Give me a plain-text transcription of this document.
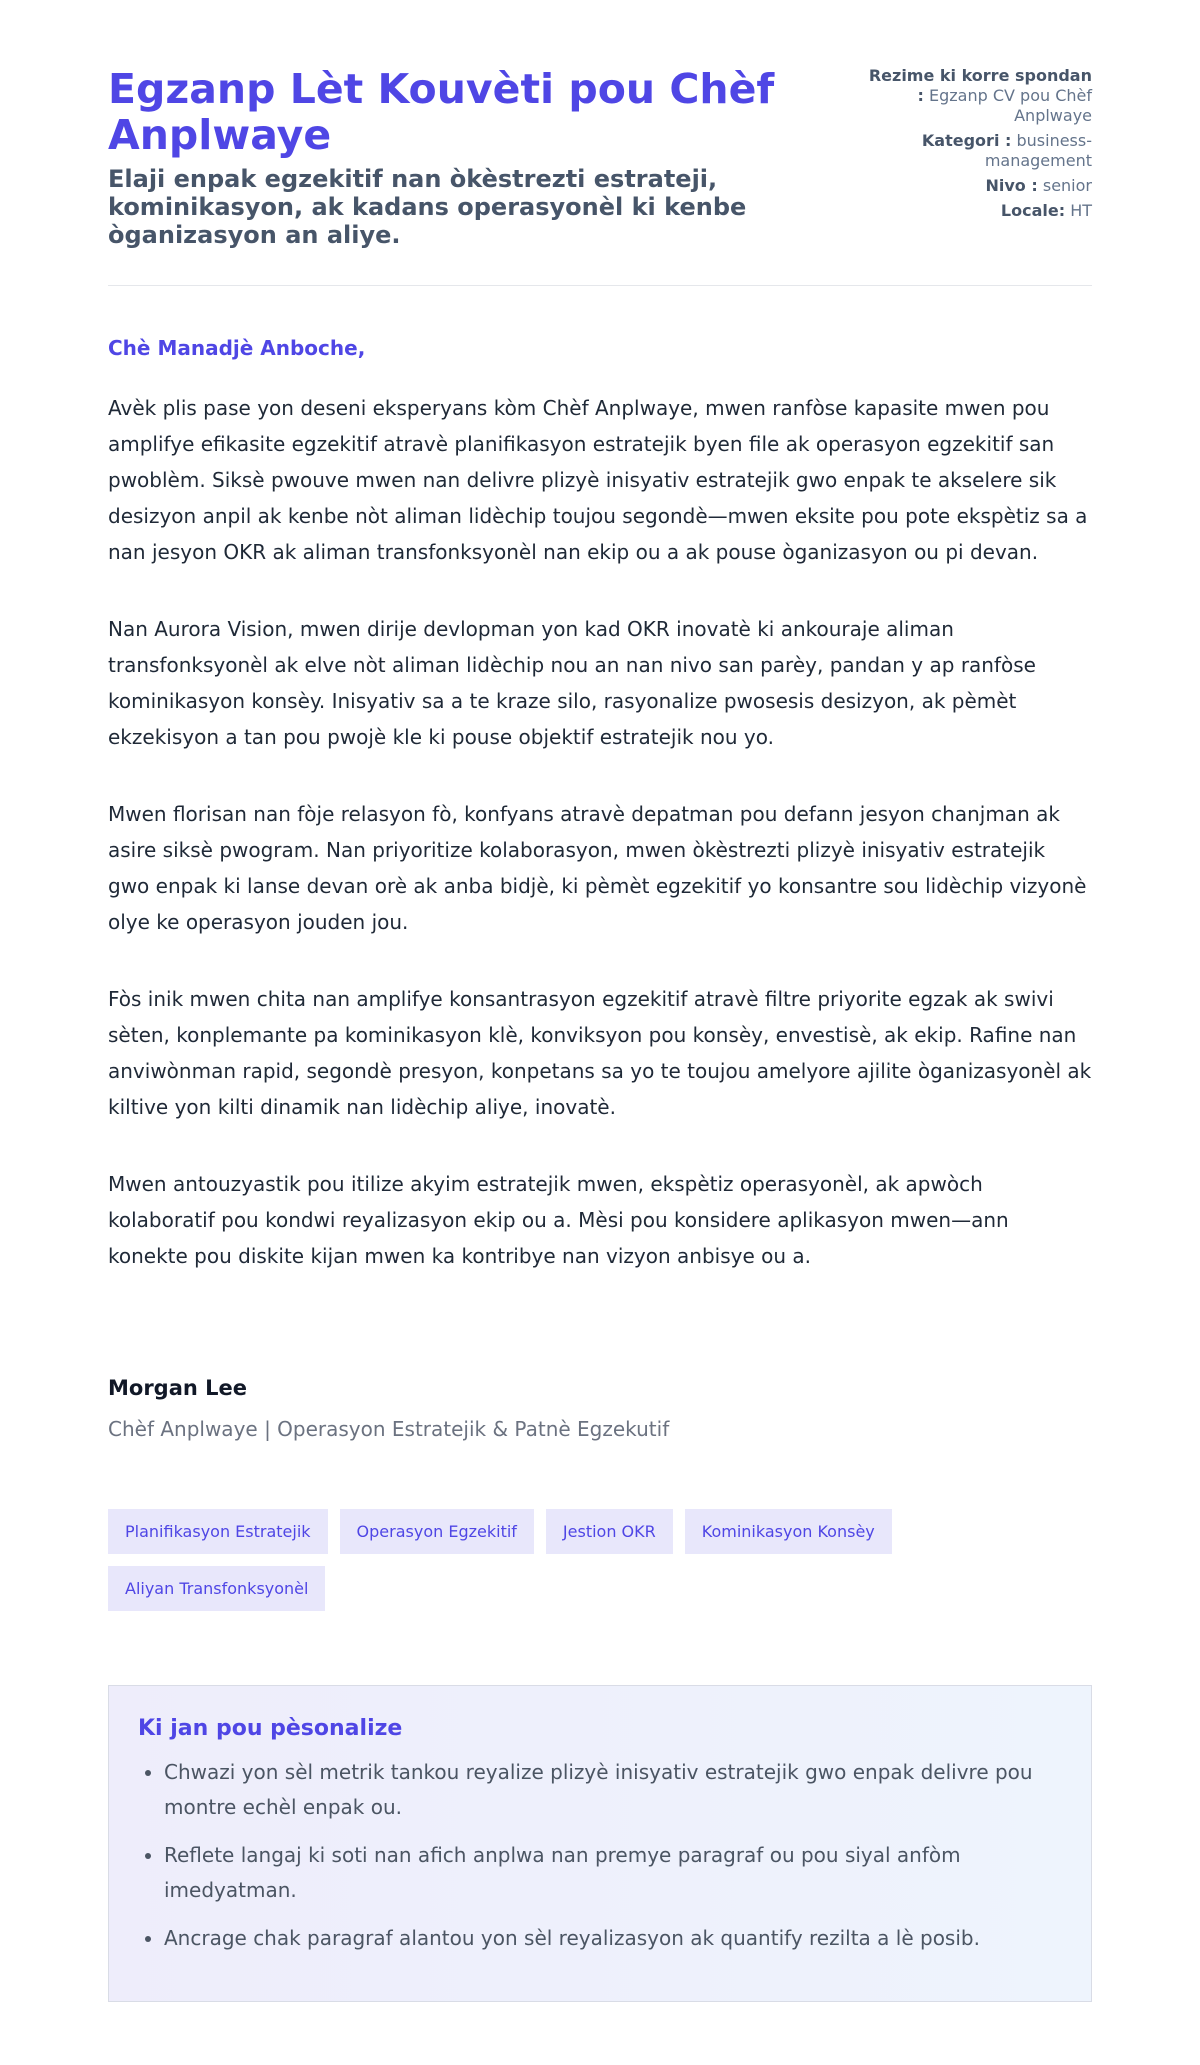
Egzanp Lèt Kouvèti pou Chèf Anplwaye

Elaji enpak egzekitif nan òkèstrezti estrateji, kominikasyon, ak kadans operasyonèl ki kenbe òganizasyon an aliye.

Rezime ki korre spondan : Egzanp CV pou Chèf Anplwaye
Kategori : business-management
Nivo : senior
Locale: HT

Chè Manadjè Anboche,

Avèk plis pase yon deseni eksperyans kòm Chèf Anplwaye, mwen ranfòse kapasite mwen pou amplifye efikasite egzekitif atravè planifikasyon estratejik byen file ak operasyon egzekitif san pwoblèm. Siksè pwouve mwen nan delivre plizyè inisyativ estratejik gwo enpak te akselere sik desizyon anpil ak kenbe nòt aliman lidèchip toujou segondè—mwen eksite pou pote ekspètiz sa a nan jesyon OKR ak aliman transfonksyonèl nan ekip ou a ak pouse òganizasyon ou pi devan.

Nan Aurora Vision, mwen dirije devlopman yon kad OKR inovatè ki ankouraje aliman transfonksyonèl ak elve nòt aliman lidèchip nou an nan nivo san parèy, pandan y ap ranfòse kominikasyon konsèy. Inisyativ sa a te kraze silo, rasyonalize pwosesis desizyon, ak pèmèt ekzekisyon a tan pou pwojè kle ki pouse objektif estratejik nou yo.

Mwen florisan nan fòje relasyon fò, konfyans atravè depatman pou defann jesyon chanjman ak asire siksè pwogram. Nan priyoritize kolaborasyon, mwen òkèstrezti plizyè inisyativ estratejik gwo enpak ki lanse devan orè ak anba bidjè, ki pèmèt egzekitif yo konsantre sou lidèchip vizyonè olye ke operasyon jouden jou.

Fòs inik mwen chita nan amplifye konsantrasyon egzekitif atravè filtre priyorite egzak ak swivi sèten, konplemante pa kominikasyon klè, konviksyon pou konsèy, envestisè, ak ekip. Rafine nan anviwònman rapid, segondè presyon, konpetans sa yo te toujou amelyore ajilite òganizasyonèl ak kiltive yon kilti dinamik nan lidèchip aliye, inovatè.

Mwen antouzyastik pou itilize akyim estratejik mwen, ekspètiz operasyonèl, ak apwòch kolaboratif pou kondwi reyalizasyon ekip ou a. Mèsi pou konsidere aplikasyon mwen—ann konekte pou diskite kijan mwen ka kontribye nan vizyon anbisye ou a.

Morgan Lee

Chèf Anplwaye | Operasyon Estratejik & Patnè Egzekutif
Planifikasyon Estratejik	Operasyon Egzekitif	Jestion OKR	Kominikasyon Konsèy
Aliyan Transfonksyonèl
Ki jan pou pèsonalize
• Chwazi yon sèl metrik tankou reyalize plizyè inisyativ estratejik gwo enpak delivre pou montre echèl enpak ou.
• Reflete langaj ki soti nan afich anplwa nan premye paragraf ou pou siyal anfòm imedyatman.
• Ancrage chak paragraf alantou yon sèl reyalizasyon ak quantify rezilta a lè posib.
